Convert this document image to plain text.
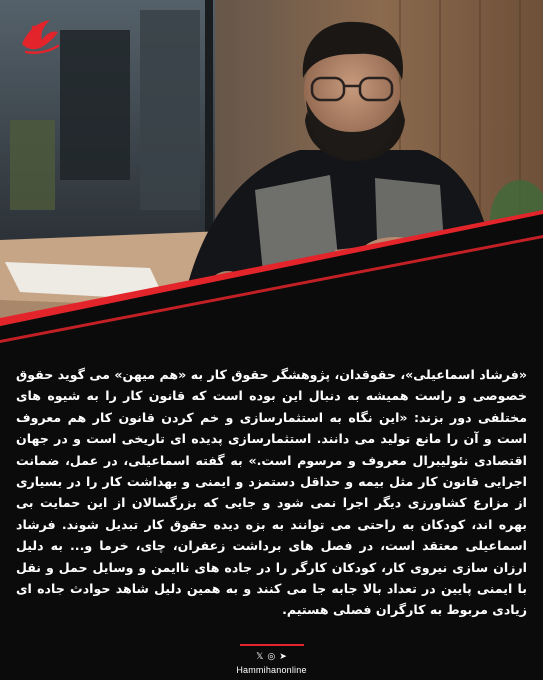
«فرشاد اسماعیلی»، حقوقدان، پژوهشگر حقوق کار به «هم میهن» می گوید حقوق خصوصی و راست همیشه به دنبال این بوده است که قانون کار را به شیوه های مختلفی دور بزند: «این نگاه به استثمارسازی و خم کردن قانون کار هم معروف است و آن را مانع تولید می دانند. استثمارسازی پدیده ای تاریخی است و در جهان اقتصادی نئولیبرال معروف و مرسوم است.» به گفته اسماعیلی، در عمل، ضمانت اجرایی قانون کار مثل بیمه و حداقل دستمزد و ایمنی و بهداشت کار را در بسیاری از مزارع کشاورزی دیگر اجرا نمی شود و جایی که بزرگسالان از این حمایت بی بهره اند، کودکان به راحتی می توانند به بزه دیده حقوق کار تبدیل شوند. فرشاد اسماعیلی معتقد است، در فصل های برداشت زعفران، چای، خرما و... به دلیل ارزان سازی نیروی کار، کودکان کارگر را در جاده های ناایمن و وسایل حمل و نقل با ایمنی پایین در تعداد بالا جابه جا می کنند و به همین دلیل شاهد حوادث جاده ای زیادی مربوط به کارگران فصلی هستیم.

𝕏 ◎ ➤
Hammihanonline
